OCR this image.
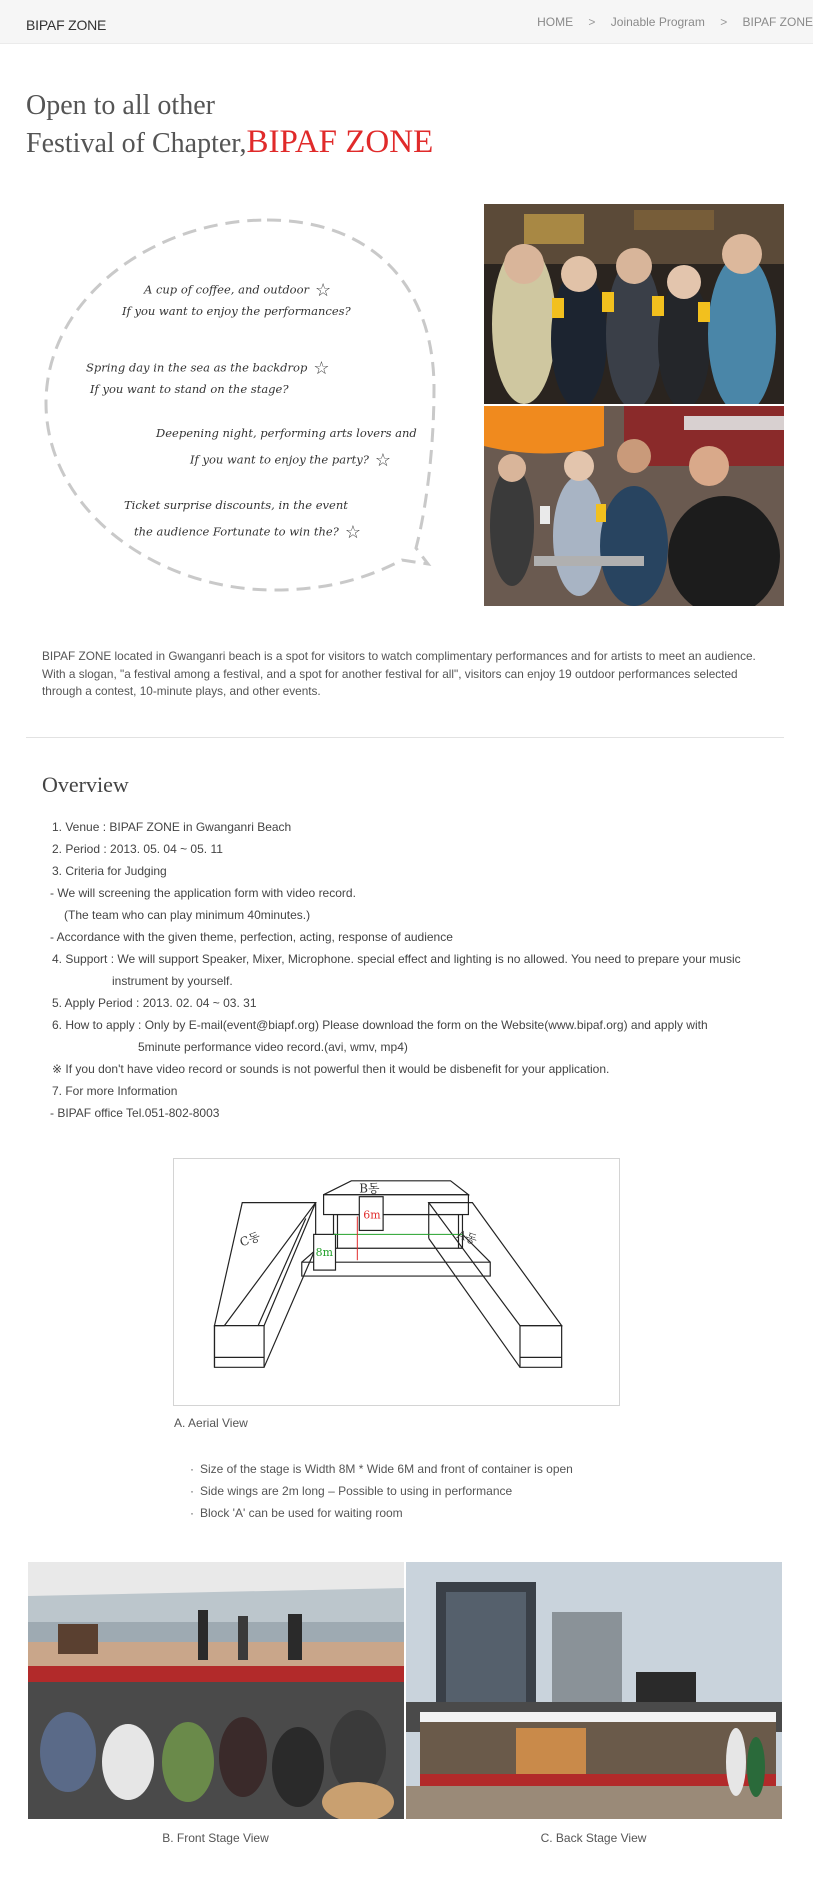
BIPAF ZONE	HOME > Joinable Program > BIPAF ZONE
Open to all other
Festival of Chapter,BIPAF ZONE
A cup of coffee, and outdoor ☆
If you want to enjoy the performances?
Spring day in the sea as the backdrop ☆
If you want to stand on the stage?
Deepening night, performing arts lovers and
If you want to enjoy the party? ☆
Ticket surprise discounts, in the event
the audience Fortunate to win the? ☆
BIPAF ZONE located in Gwanganri beach is a spot for visitors to watch complimentary performances and for artists to meet an audience.
With a slogan, "a festival among a festival, and a spot for another festival for all", visitors can enjoy 19 outdoor performances selected
through a contest, 10-minute plays, and other events.
Overview
1. Venue : BIPAF ZONE in Gwanganri Beach
2. Period : 2013. 05. 04 ~ 05. 11
3. Criteria for Judging
- We will screening the application form with video record.
(The team who can play minimum 40minutes.)
- Accordance with the given theme, perfection, acting, response of audience
4. Support : We will support Speaker, Mixer, Microphone. special effect and lighting is no allowed. You need to prepare your music
instrument by yourself.
5. Apply Period : 2013. 02. 04 ~ 03. 31
6. How to apply : Only by E-mail(event@biapf.org) Please download the form on the Website(www.bipaf.org) and apply with
5minute performance video record.(avi, wmv, mp4)
※ If you don't have video record or sounds is not powerful then it would be disbenefit for your application.
7. For more Information
- BIPAF office Tel.051-802-8003
B동
C동	A동
6m
8m
A. Aerial View
· Size of the stage is Width 8M * Wide 6M and front of container is open
· Side wings are 2m long – Possible to using in performance
· Block 'A' can be used for waiting room
B. Front Stage View	C. Back Stage View
